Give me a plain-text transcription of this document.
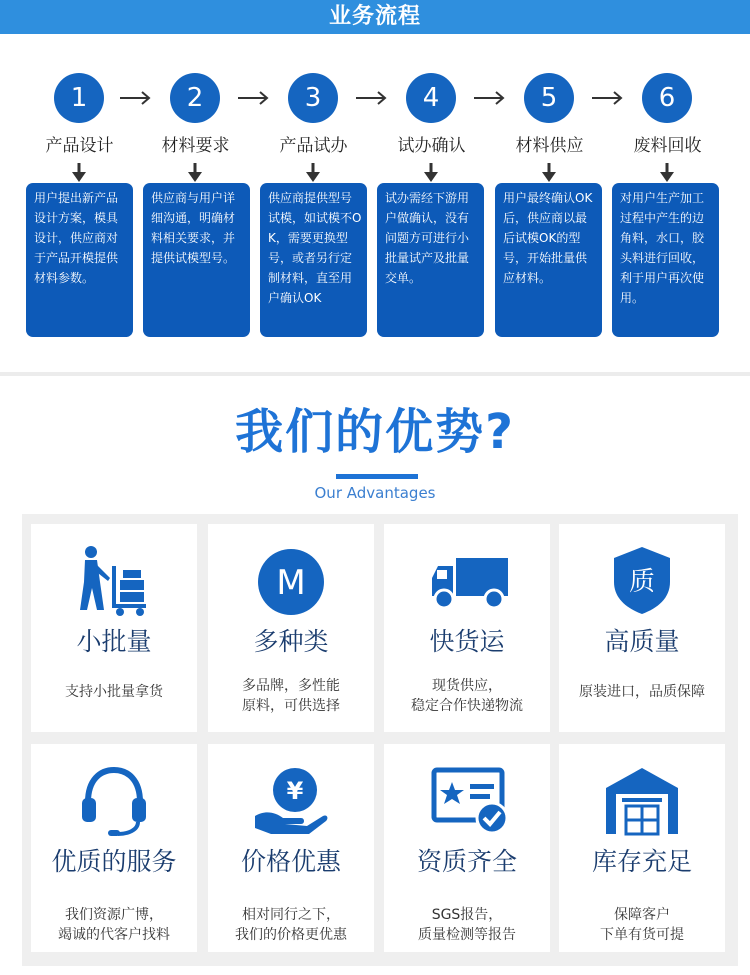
业务流程
1	2	3	4	5	6
产品设计	材料要求	产品试办	试办确认	材料供应	废料回收
用户提出新产品设计方案，模具设计，供应商对于产品开模提供材料参数。
供应商与用户详细沟通，明确材料相关要求，并提供试模型号。
供应商提供型号试模，如试模不OK，需要更换型号，或者另行定制材料，直至用户确认OK
试办需经下游用户做确认，没有问题方可进行小批量试产及批量交单。
用户最终确认OK后，供应商以最后试模OK的型号，开始批量供应材料。
对用户生产加工过程中产生的边角料，水口，胶头料进行回收，利于用户再次使用。
我们的优势?
Our Advantages
小批量
支持小批量拿货
M
多种类
多品牌，多性能
原料，可供选择
快货运
现货供应，
稳定合作快递物流
质
高质量
原装进口，品质保障
优质的服务
我们资源广博，
竭诚的代客户找料
¥
价格优惠
相对同行之下，
我们的价格更优惠
资质齐全
SGS报告，
质量检测等报告
库存充足
保障客户
下单有货可提
